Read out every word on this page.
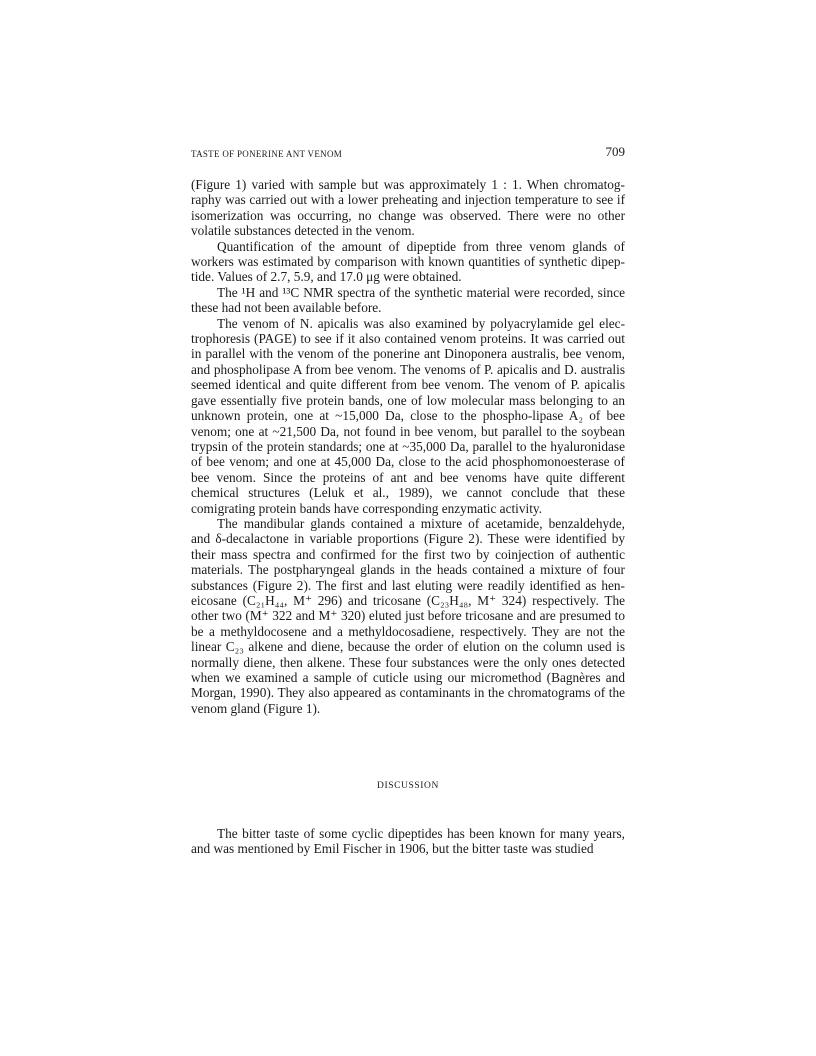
TASTE OF PONERINE ANT VENOM	709

(Figure 1) varied with sample but was approximately 1 : 1. When chromatog-raphy was carried out with a lower preheating and injection temperature to see if isomerization was occurring, no change was observed. There were no other volatile substances detected in the venom.

Quantification of the amount of dipeptide from three venom glands of workers was estimated by comparison with known quantities of synthetic dipep-tide. Values of 2.7, 5.9, and 17.0 μg were obtained.

The ¹H and ¹³C NMR spectra of the synthetic material were recorded, since these had not been available before.

The venom of N. apicalis was also examined by polyacrylamide gel elec-trophoresis (PAGE) to see if it also contained venom proteins. It was carried out in parallel with the venom of the ponerine ant Dinoponera australis, bee venom, and phospholipase A from bee venom. The venoms of P. apicalis and D. australis seemed identical and quite different from bee venom. The venom of P. apicalis gave essentially five protein bands, one of low molecular mass belonging to an unknown protein, one at ~15,000 Da, close to the phospho-lipase A₂ of bee venom; one at ~21,500 Da, not found in bee venom, but parallel to the soybean trypsin of the protein standards; one at ~35,000 Da, parallel to the hyaluronidase of bee venom; and one at 45,000 Da, close to the acid phosphomonoesterase of bee venom. Since the proteins of ant and bee venoms have quite different chemical structures (Leluk et al., 1989), we cannot conclude that these comigrating protein bands have corresponding enzymatic activity.

The mandibular glands contained a mixture of acetamide, benzaldehyde, and δ-decalactone in variable proportions (Figure 2). These were identified by their mass spectra and confirmed for the first two by coinjection of authentic materials. The postpharyngeal glands in the heads contained a mixture of four substances (Figure 2). The first and last eluting were readily identified as hen-eicosane (C₂₁H₄₄, M⁺ 296) and tricosane (C₂₃H₄₈, M⁺ 324) respectively. The other two (M⁺ 322 and M⁺ 320) eluted just before tricosane and are presumed to be a methyldocosene and a methyldocosadiene, respectively. They are not the linear C₂₃ alkene and diene, because the order of elution on the column used is normally diene, then alkene. These four substances were the only ones detected when we examined a sample of cuticle using our micromethod (Bagnères and Morgan, 1990). They also appeared as contaminants in the chromatograms of the venom gland (Figure 1).

DISCUSSION

The bitter taste of some cyclic dipeptides has been known for many years, and was mentioned by Emil Fischer in 1906, but the bitter taste was studied
